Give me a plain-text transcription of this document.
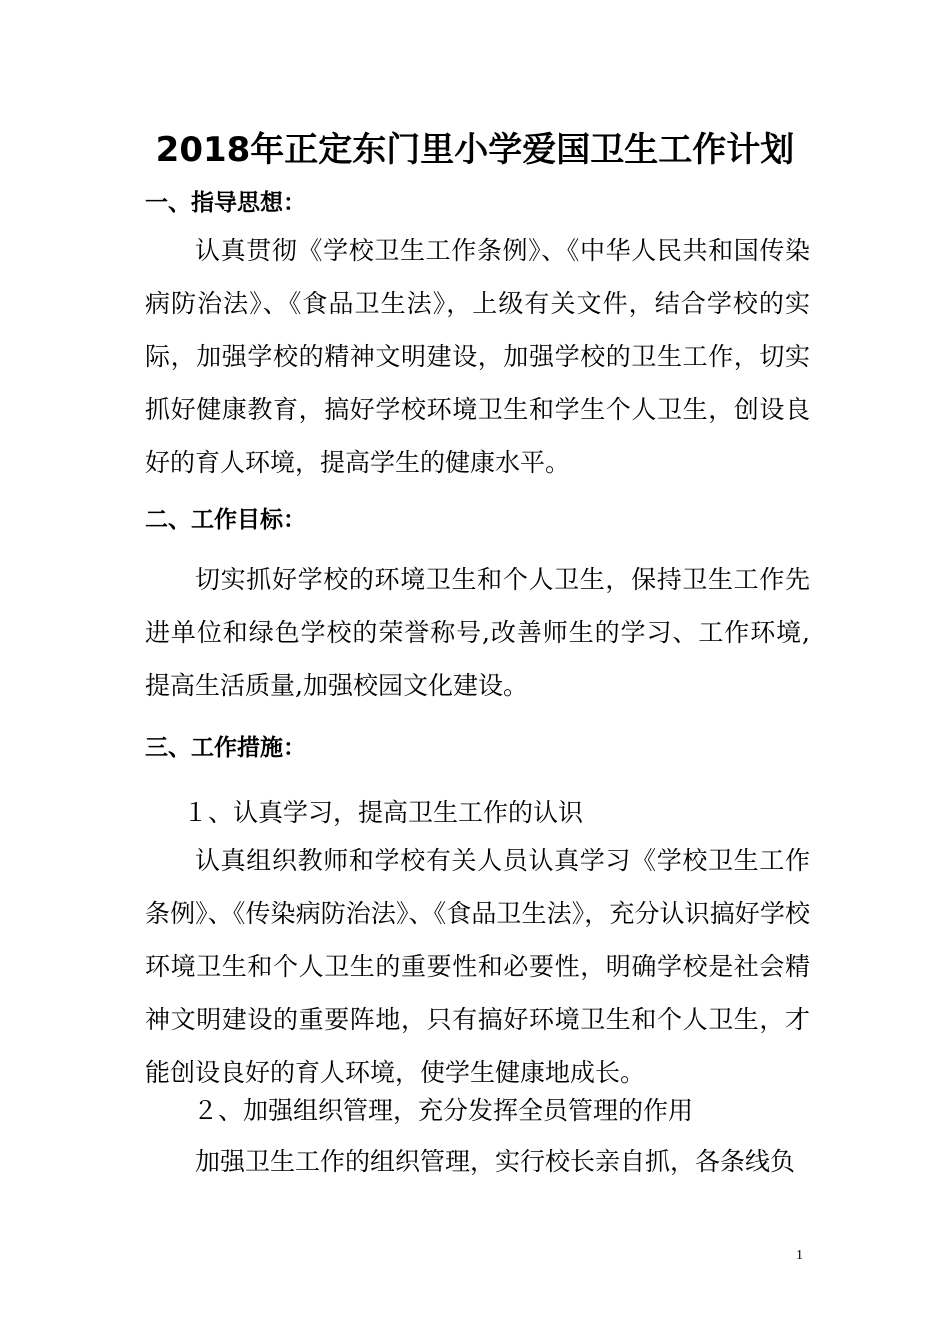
2018年正定东门里小学爱国卫生工作计划
一、指导思想：
认真贯彻《学校卫生工作条例》、《中华人民共和国传染病防治法》、《食品卫生法》，上级有关文件，结合学校的实际，加强学校的精神文明建设，加强学校的卫生工作，切实抓好健康教育，搞好学校环境卫生和学生个人卫生，创设良好的育人环境，提高学生的健康水平。
二、工作目标：
切实抓好学校的环境卫生和个人卫生，保持卫生工作先进单位和绿色学校的荣誉称号,改善师生的学习、工作环境,提高生活质量,加强校园文化建设。
三、工作措施：
１、认真学习，提高卫生工作的认识
认真组织教师和学校有关人员认真学习《学校卫生工作条例》、《传染病防治法》、《食品卫生法》，充分认识搞好学校环境卫生和个人卫生的重要性和必要性，明确学校是社会精神文明建设的重要阵地，只有搞好环境卫生和个人卫生，才能创设良好的育人环境，使学生健康地成长。
２、加强组织管理，充分发挥全员管理的作用
加强卫生工作的组织管理，实行校长亲自抓，各条线负
1
